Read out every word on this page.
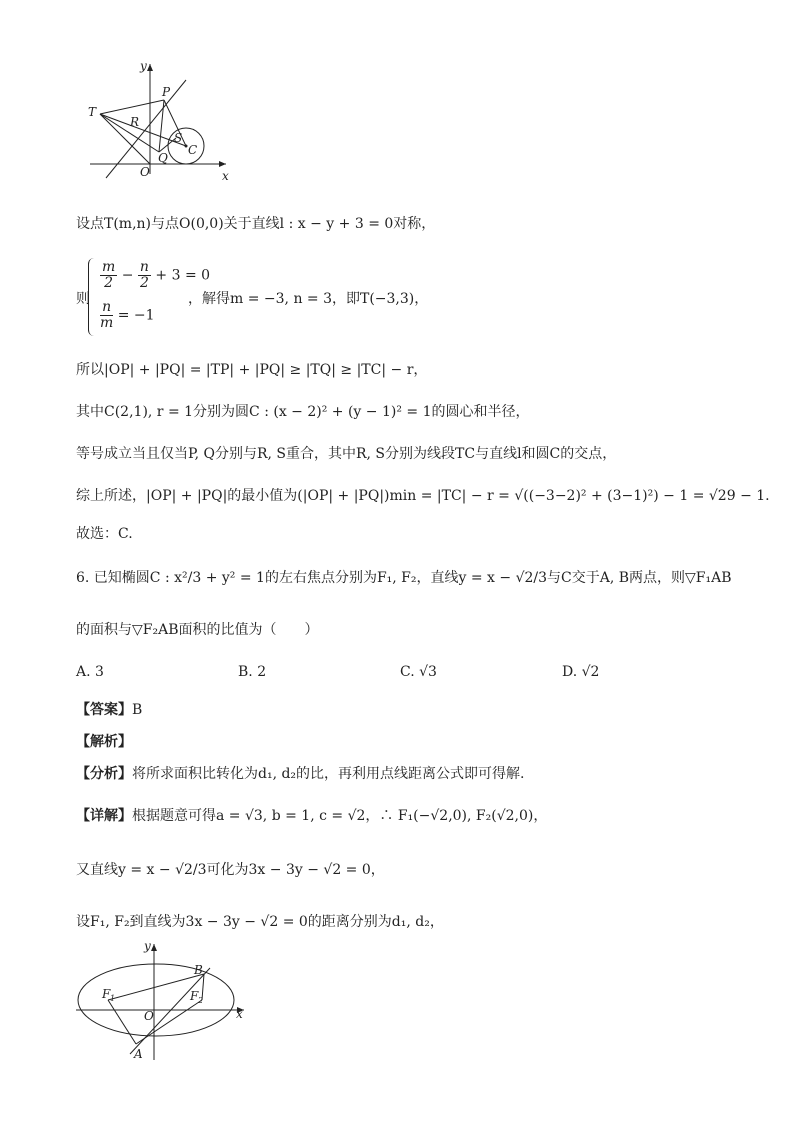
y
x
T
P
R
S
C
Q
O
设点T(m,n)与点O(0,0)关于直线l : x − y + 3 = 0对称，
则
$\frac{m}{2} - \frac{n}{2} + 3 = 0$
$\frac{n}{m} = -1$
，解得m = −3, n = 3，即T(−3,3)，
所以|OP| + |PQ| = |TP| + |PQ| ≥ |TQ| ≥ |TC| − r，
其中C(2,1), r = 1分别为圆C : (x − 2)² + (y − 1)² = 1的圆心和半径，
等号成立当且仅当P, Q分别与R, S重合，其中R, S分别为线段TC与直线l和圆C的交点，
综上所述，|OP| + |PQ|的最小值为(|OP| + |PQ|)min = |TC| − r = √((−3−2)² + (3−1)²) − 1 = √29 − 1.
故选：C.
6. 已知椭圆C : x²/3 + y² = 1的左右焦点分别为F₁, F₂，直线y = x − √2/3与C交于A, B两点，则▽F₁AB
的面积与▽F₂AB面积的比值为（　　）
A. 3	B. 2	C. √3	D. √2
【答案】B
【解析】
【分析】将所求面积比转化为d₁, d₂的比，再利用点线距离公式即可得解.
【详解】根据题意可得a = √3, b = 1, c = √2，∴ F₁(−√2,0), F₂(√2,0)，
又直线y = x − √2/3可化为3x − 3y − √2 = 0，
设F₁, F₂到直线为3x − 3y − √2 = 0的距离分别为d₁, d₂，
y
x
B
F 1	F 2
O
A
